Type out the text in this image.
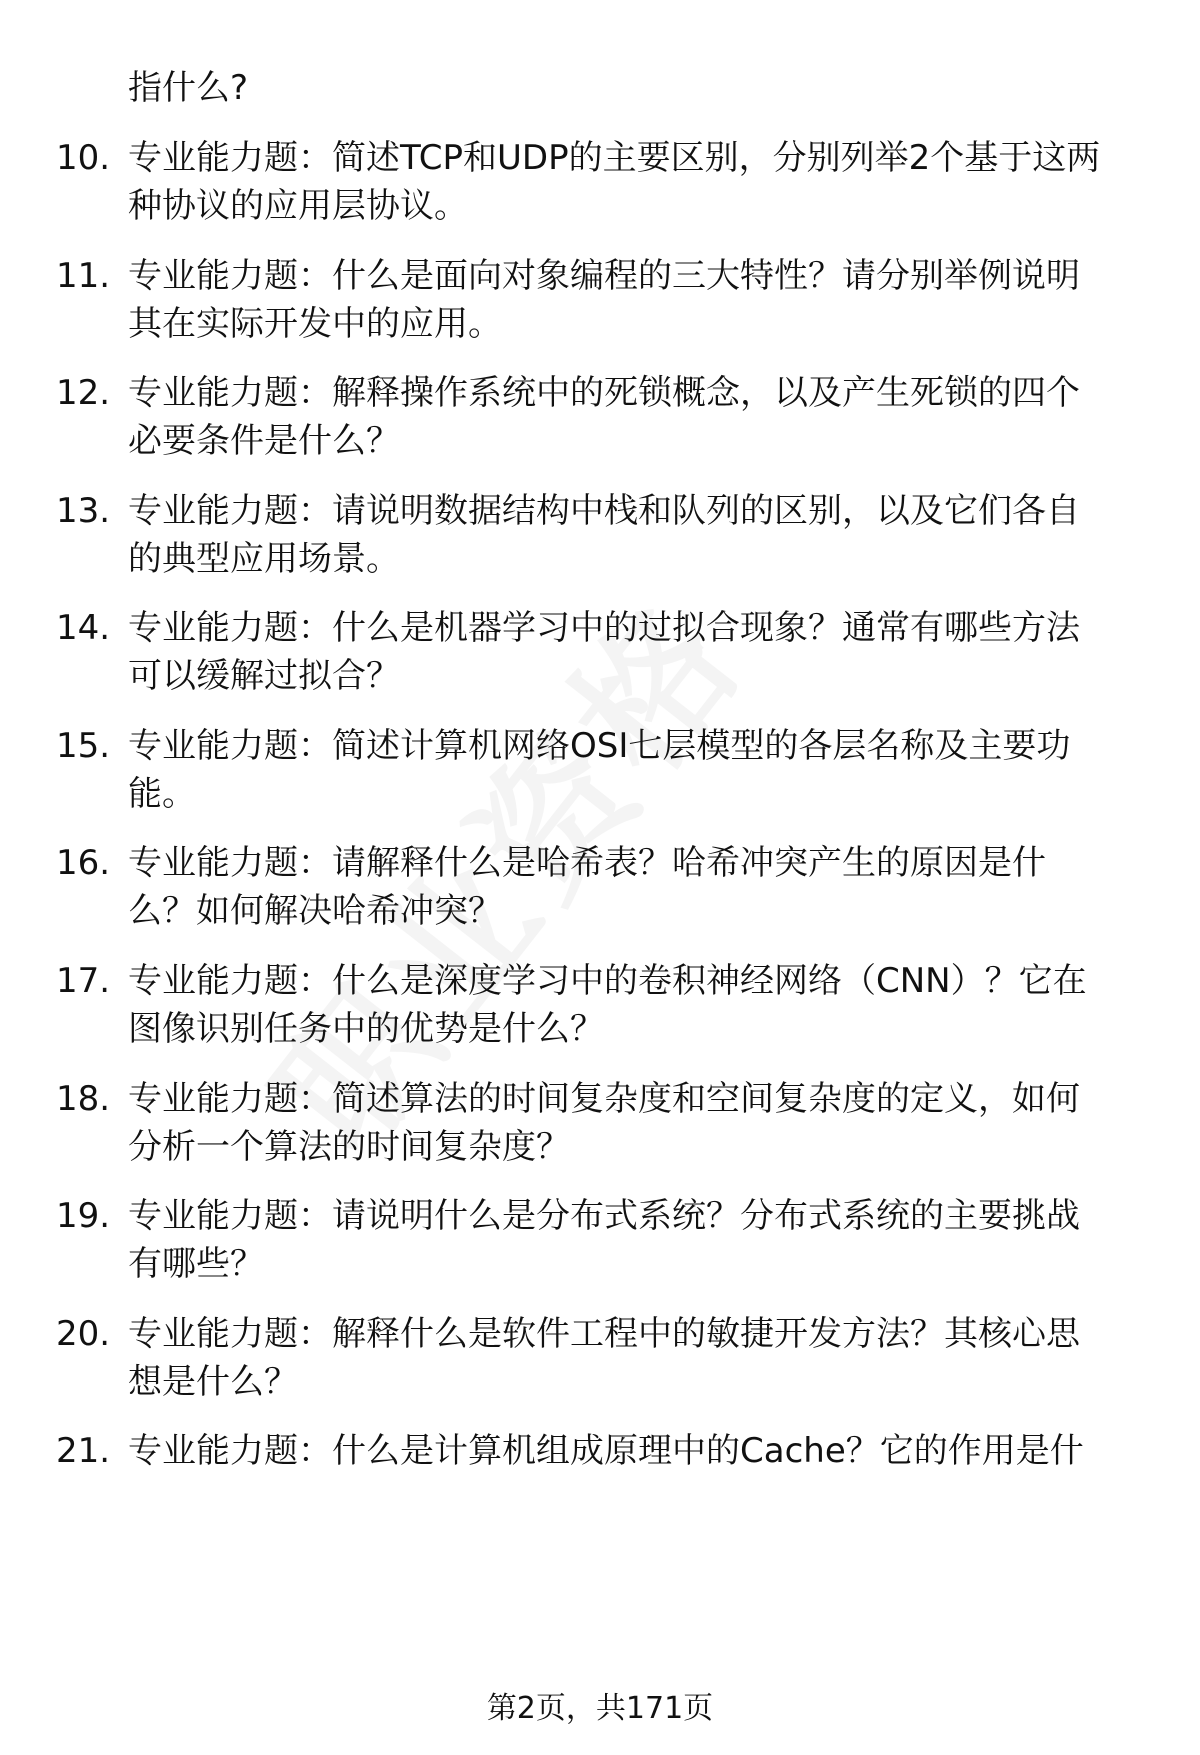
指什么?
10. 专业能力题：简述TCP和UDP的主要区别，分别列举2个基于这两
种协议的应用层协议。
11. 专业能力题：什么是面向对象编程的三大特性？请分别举例说明
其在实际开发中的应用。
12. 专业能力题：解释操作系统中的死锁概念，以及产生死锁的四个
必要条件是什么？
13. 专业能力题：请说明数据结构中栈和队列的区别，以及它们各自
的典型应用场景。
14. 专业能力题：什么是机器学习中的过拟合现象？通常有哪些方法
可以缓解过拟合？
15. 专业能力题：简述计算机网络OSI七层模型的各层名称及主要功
能。
16. 专业能力题：请解释什么是哈希表？哈希冲突产生的原因是什
么？如何解决哈希冲突？
17. 专业能力题：什么是深度学习中的卷积神经网络（CNN）？它在
图像识别任务中的优势是什么？
18. 专业能力题：简述算法的时间复杂度和空间复杂度的定义，如何
分析一个算法的时间复杂度？
19. 专业能力题：请说明什么是分布式系统？分布式系统的主要挑战
有哪些？
20. 专业能力题：解释什么是软件工程中的敏捷开发方法？其核心思
想是什么？
21. 专业能力题：什么是计算机组成原理中的Cache？它的作用是什
第2页，共171页
